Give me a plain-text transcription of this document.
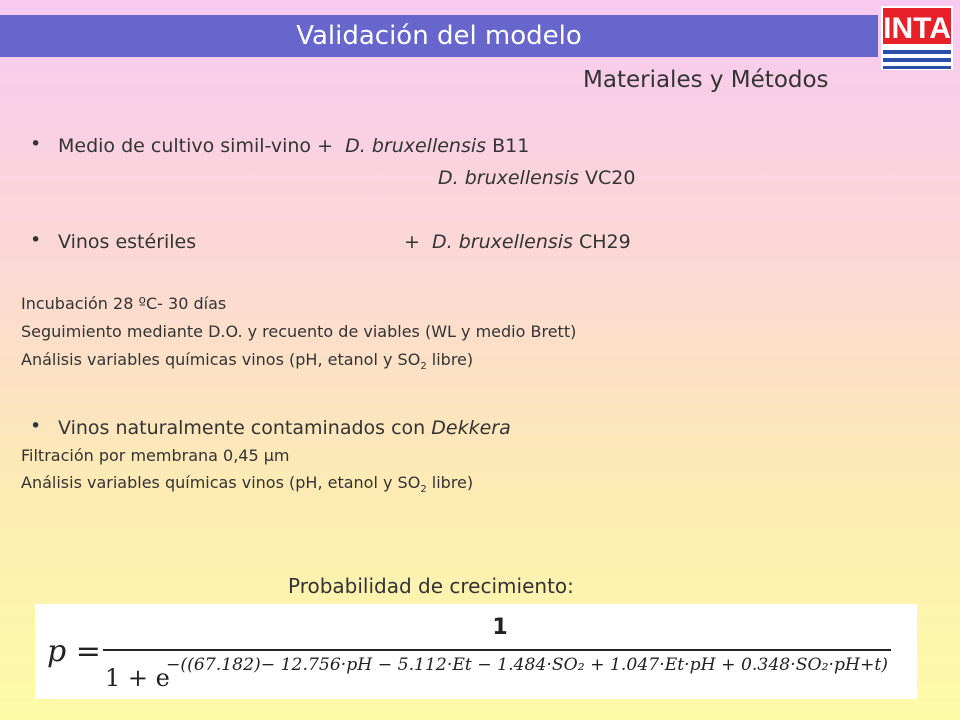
Validación del modelo	INTA
Materiales y Métodos
• Medio de cultivo simil-vino + D. bruxellensis B11
D. bruxellensis VC20
• Vinos estériles	+ D. bruxellensis CH29
Incubación 28 ºC- 30 días
Seguimiento mediante D.O. y recuento de viables (WL y medio Brett)
Análisis variables químicas vinos (pH, etanol y $SO_2$ libre)
• Vinos naturalmente contaminados con Dekkera
Filtración por membrana 0,45 µm
Análisis variables químicas vinos (pH, etanol y $SO_2$ libre)
Probabilidad de crecimiento:
p =
1
1 + e
−((67.182)− 12.756·pH − 5.112·Et − 1.484·SO₂ + 1.047·Et·pH + 0.348·SO₂·pH+t)
